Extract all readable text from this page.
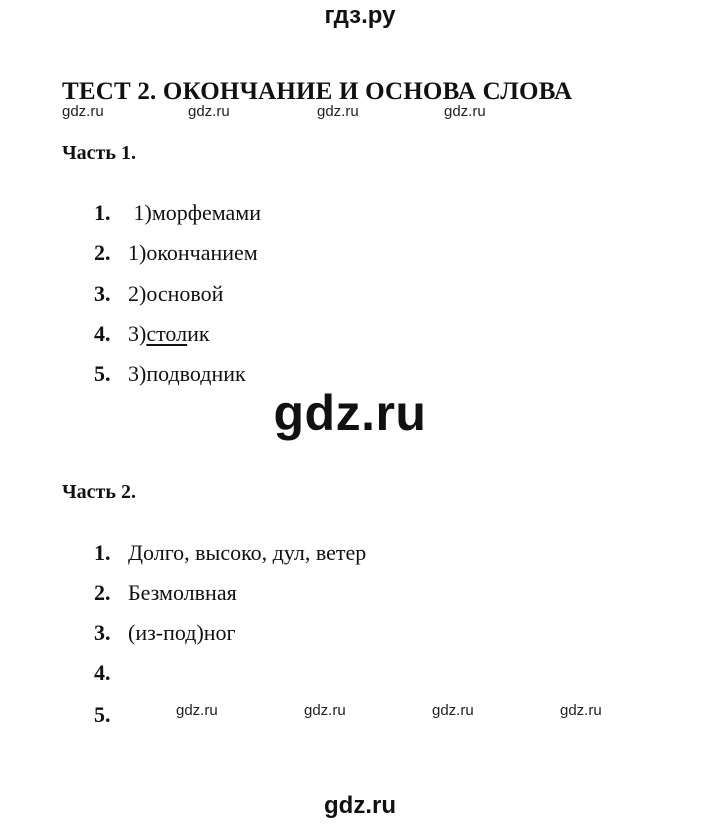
гдз.ру
ТЕСТ 2. ОКОНЧАНИЕ И ОСНОВА СЛОВА
gdz.ru	gdz.ru	gdz.ru	gdz.ru
Часть 1.
1. 1)морфемами
2. 1)окончанием
3. 2)основой
4. 3)столик
5. 3)подводник
gdz.ru
Часть 2.
1. Долго, высоко, дул, ветер
2. Безмолвная
3. (из-под)ног
4.
5.	gdz.ru	gdz.ru	gdz.ru	gdz.ru
gdz.ru
